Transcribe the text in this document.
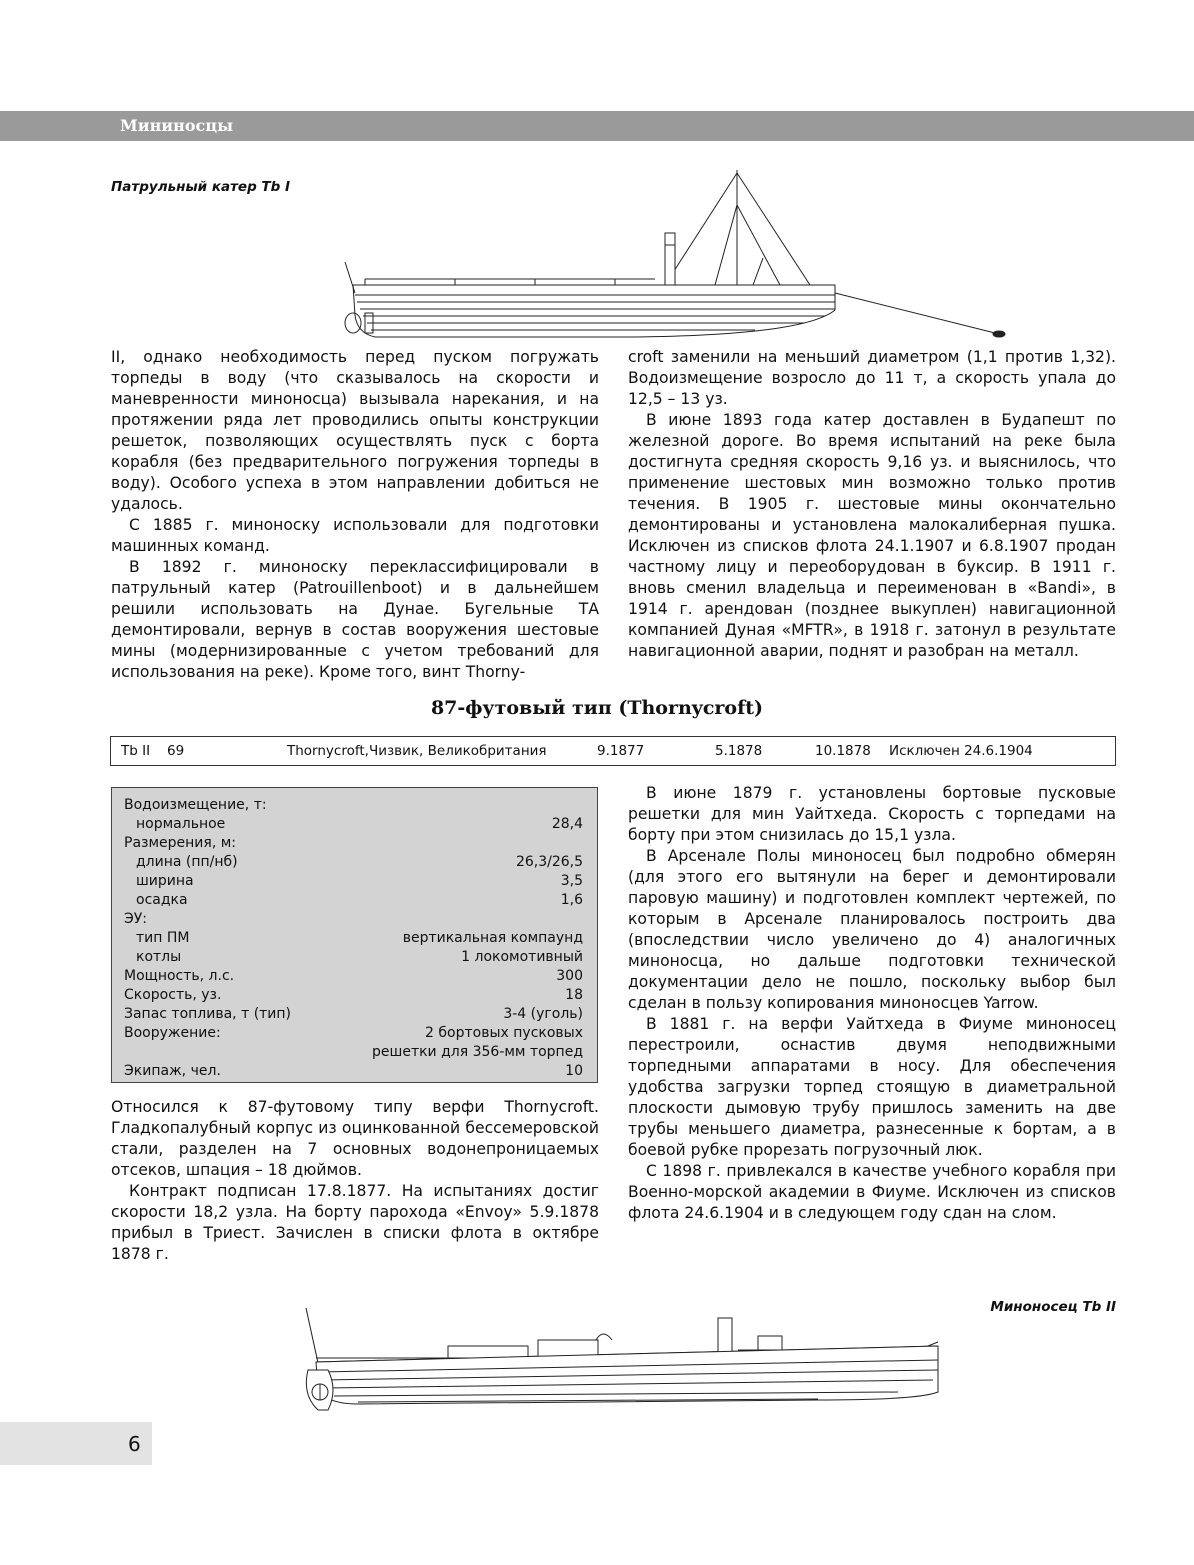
Мининосцы
Патрульный катер Tb I

II, однако необходимость перед пуском погружать торпеды в воду (что сказывалось на скорости и маневренности миноносца) вызывала нарекания, и на протяжении ряда лет проводились опыты конструкции решеток, позволяющих осуществлять пуск с борта корабля (без предварительного погружения торпеды в воду). Особого успеха в этом направлении добиться не удалось.

С 1885 г. миноноску использовали для подготовки машинных команд.

В 1892 г. миноноску переклассифицировали в патрульный катер (Patrouillenboot) и в дальнейшем решили использовать на Дунае. Бугельные ТА демонтировали, вернув в состав вооружения шестовые мины (модернизированные с учетом требований для использования на реке). Кроме того, винт Thorny-

croft заменили на меньший диаметром (1,1 против 1,32). Водоизмещение возросло до 11 т, а скорость упала до 12,5 – 13 уз.

В июне 1893 года катер доставлен в Будапешт по железной дороге. Во время испытаний на реке была достигнута средняя скорость 9,16 уз. и выяснилось, что применение шестовых мин возможно только против течения. В 1905 г. шестовые мины окончательно демонтированы и установлена малокалиберная пушка. Исключен из списков флота 24.1.1907 и 6.8.1907 продан частному лицу и переоборудован в буксир. В 1911 г. вновь сменил владельца и переименован в «Bandi», в 1914 г. арендован (позднее выкуплен) навигационной компанией Дуная «MFTR», в 1918 г. затонул в результате навигационной аварии, поднят и разобран на металл.

87-футовый тип (Thornycroft)
Tb II 69	Thornycroft,Чизвик, Великобритания	9.1877	5.1878	10.1878 Исключен 24.6.1904
Водоизмещение, т:
нормальное	28,4
Размерения, м:
длина (пп/нб)	26,3/26,5
ширина	3,5
осадка	1,6
ЭУ:
тип ПМ	вертикальная компаунд
котлы	1 локомотивный
Мощность, л.с.	300
Скорость, уз.	18
Запас топлива, т (тип)	3-4 (уголь)
Вооружение:	2 бортовых пусковых
решетки для 356-мм торпед
Экипаж, чел.	10

Относился к 87-футовому типу верфи Thornycroft. Гладкопалубный корпус из оцинкованной бессемеровской стали, разделен на 7 основных водонепроницаемых отсеков, шпация – 18 дюймов.

Контракт подписан 17.8.1877. На испытаниях достиг скорости 18,2 узла. На борту парохода «Envoy» 5.9.1878 прибыл в Триест. Зачислен в списки флота в октябре 1878 г.

В июне 1879 г. установлены бортовые пусковые решетки для мин Уайтхеда. Скорость с торпедами на борту при этом снизилась до 15,1 узла.

В Арсенале Полы миноносец был подробно обмерян (для этого его вытянули на берег и демонтировали паровую машину) и подготовлен комплект чертежей, по которым в Арсенале планировалось построить два (впоследствии число увеличено до 4) аналогичных миноносца, но дальше подготовки технической документации дело не пошло, поскольку выбор был сделан в пользу копирования миноносцев Yarrow.

В 1881 г. на верфи Уайтхеда в Фиуме миноносец перестроили, оснастив двумя неподвижными торпедными аппаратами в носу. Для обеспечения удобства загрузки торпед стоящую в диаметральной плоскости дымовую трубу пришлось заменить на две трубы меньшего диаметра, разнесенные к бортам, а в боевой рубке прорезать погрузочный люк.

С 1898 г. привлекался в качестве учебного корабля при Военно-морской академии в Фиуме. Исключен из списков флота 24.6.1904 и в следующем году сдан на слом.

Миноносец Tb II
6
